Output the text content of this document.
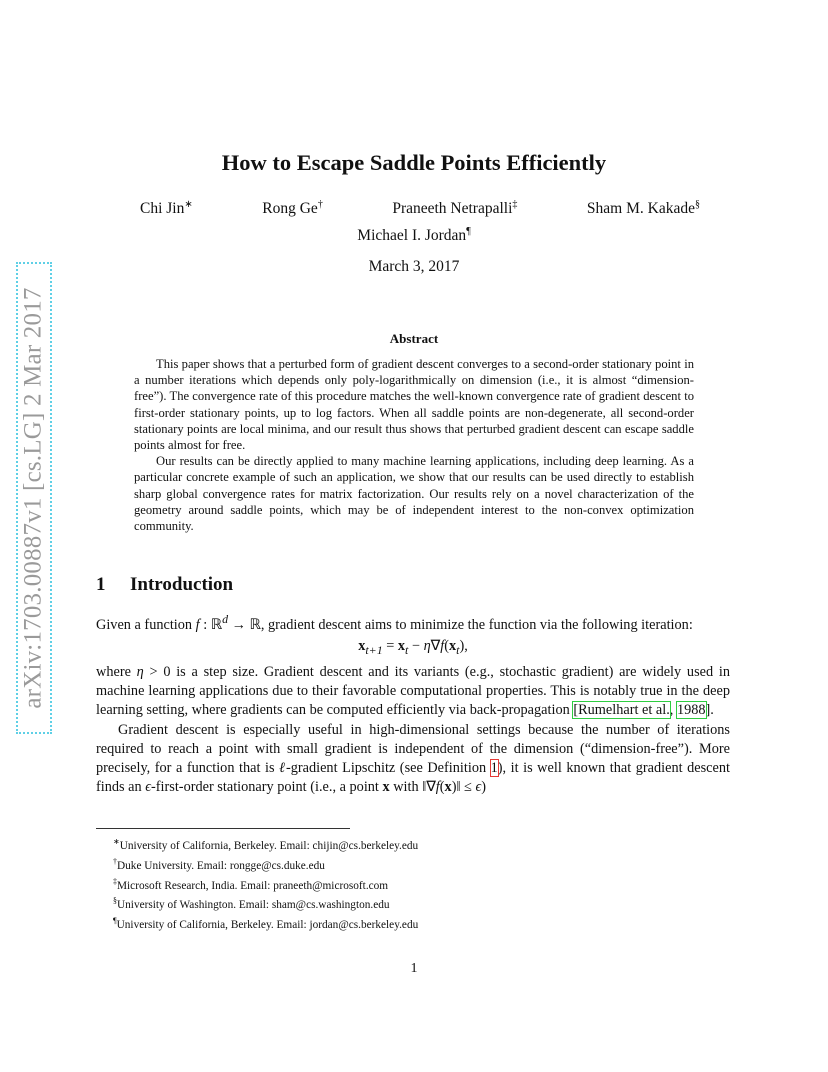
arXiv:1703.00887v1 [cs.LG] 2 Mar 2017
How to Escape Saddle Points Efficiently
Chi Jin∗	Rong Ge†	Praneeth Netrapalli‡	Sham M. Kakade§
Michael I. Jordan¶
March 3, 2017
Abstract

This paper shows that a perturbed form of gradient descent converges to a second-order stationary point in a number iterations which depends only poly-logarithmically on dimension (i.e., it is almost “dimension-free”). The convergence rate of this procedure matches the well-known convergence rate of gradient descent to first-order stationary points, up to log factors. When all saddle points are non-degenerate, all second-order stationary points are local minima, and our result thus shows that perturbed gradient descent can escape saddle points almost for free.

Our results can be directly applied to many machine learning applications, including deep learning. As a particular concrete example of such an application, we show that our results can be used directly to establish sharp global convergence rates for matrix factorization. Our results rely on a novel characterization of the geometry around saddle points, which may be of independent interest to the non-convex optimization community.

1 Introduction

Given a function f : ℝ$^d$ → ℝ, gradient descent aims to minimize the function via the following iteration:

$x_{t+1} = x_t - \eta\nabla f(x_t)$,

where η > 0 is a step size. Gradient descent and its variants (e.g., stochastic gradient) are widely used in machine learning applications due to their favorable computational properties. This is notably true in the deep learning setting, where gradients can be computed efficiently via back-propagation [Rumelhart et al., 1988].

Gradient descent is especially useful in high-dimensional settings because the number of iterations required to reach a point with small gradient is independent of the dimension (“dimension-free”). More precisely, for a function that is ℓ-gradient Lipschitz (see Definition 1), it is well known that gradient descent finds an ϵ-first-order stationary point (i.e., a point x with ‖∇f(x)‖ ≤ ϵ)

∗University of California, Berkeley. Email: chijin@cs.berkeley.edu
†Duke University. Email: rongge@cs.duke.edu
‡Microsoft Research, India. Email: praneeth@microsoft.com
§University of Washington. Email: sham@cs.washington.edu
¶University of California, Berkeley. Email: jordan@cs.berkeley.edu
1
